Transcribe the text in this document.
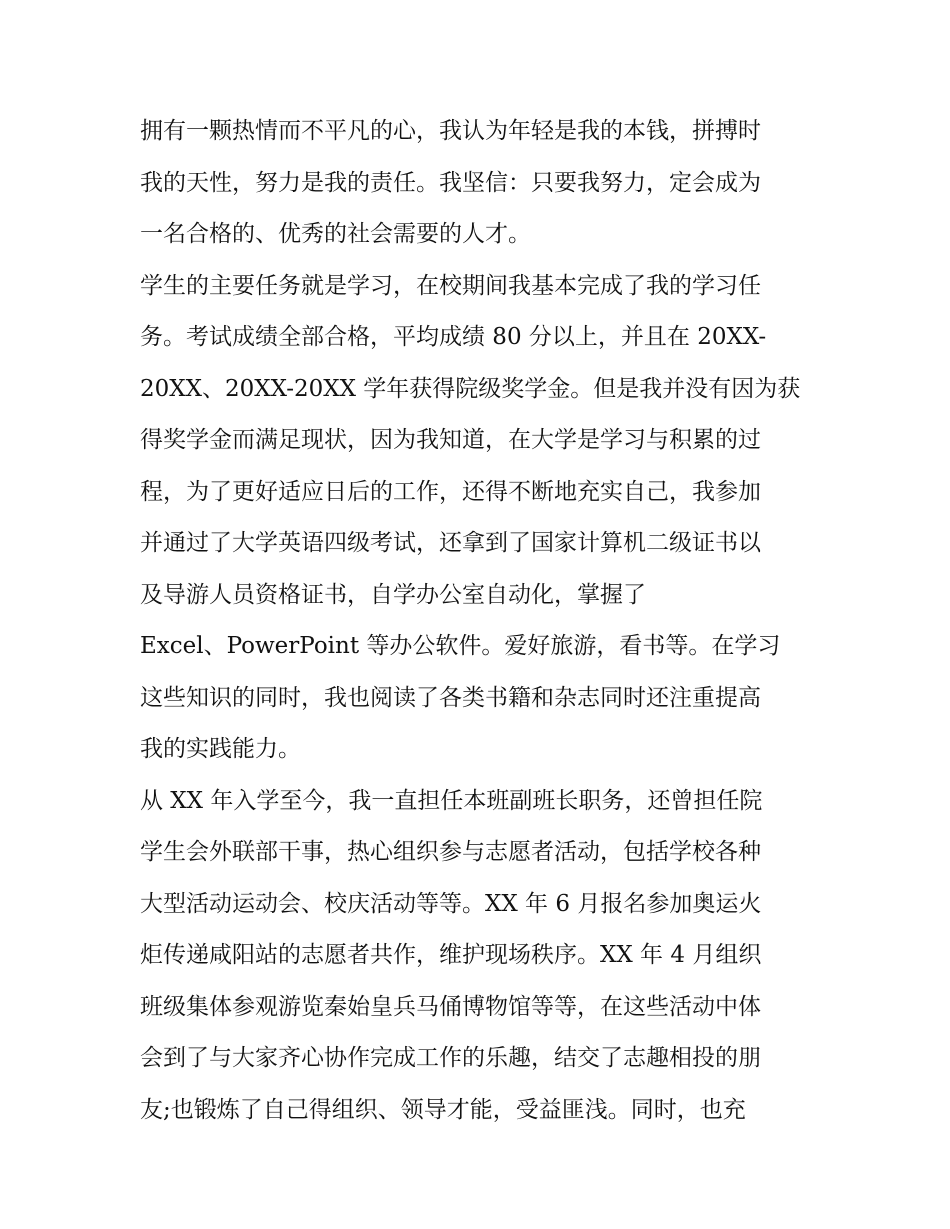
拥有一颗热情而不平凡的心，我认为年轻是我的本钱，拼搏时
我的天性，努力是我的责任。我坚信：只要我努力，定会成为
一名合格的、优秀的社会需要的人才。
学生的主要任务就是学习，在校期间我基本完成了我的学习任
务。考试成绩全部合格，平均成绩 80 分以上，并且在 20XX-
20XX、20XX-20XX 学年获得院级奖学金。但是我并没有因为获
得奖学金而满足现状，因为我知道，在大学是学习与积累的过
程，为了更好适应日后的工作，还得不断地充实自己，我参加
并通过了大学英语四级考试，还拿到了国家计算机二级证书以
及导游人员资格证书，自学办公室自动化，掌握了
Excel、PowerPoint 等办公软件。爱好旅游，看书等。在学习
这些知识的同时，我也阅读了各类书籍和杂志同时还注重提高
我的实践能力。
从 XX 年入学至今，我一直担任本班副班长职务，还曾担任院
学生会外联部干事，热心组织参与志愿者活动，包括学校各种
大型活动运动会、校庆活动等等。XX 年 6 月报名参加奥运火
炬传递咸阳站的志愿者共作，维护现场秩序。XX 年 4 月组织
班级集体参观游览秦始皇兵马俑博物馆等等，在这些活动中体
会到了与大家齐心协作完成工作的乐趣，结交了志趣相投的朋
友;也锻炼了自己得组织、领导才能，受益匪浅。同时，也充
